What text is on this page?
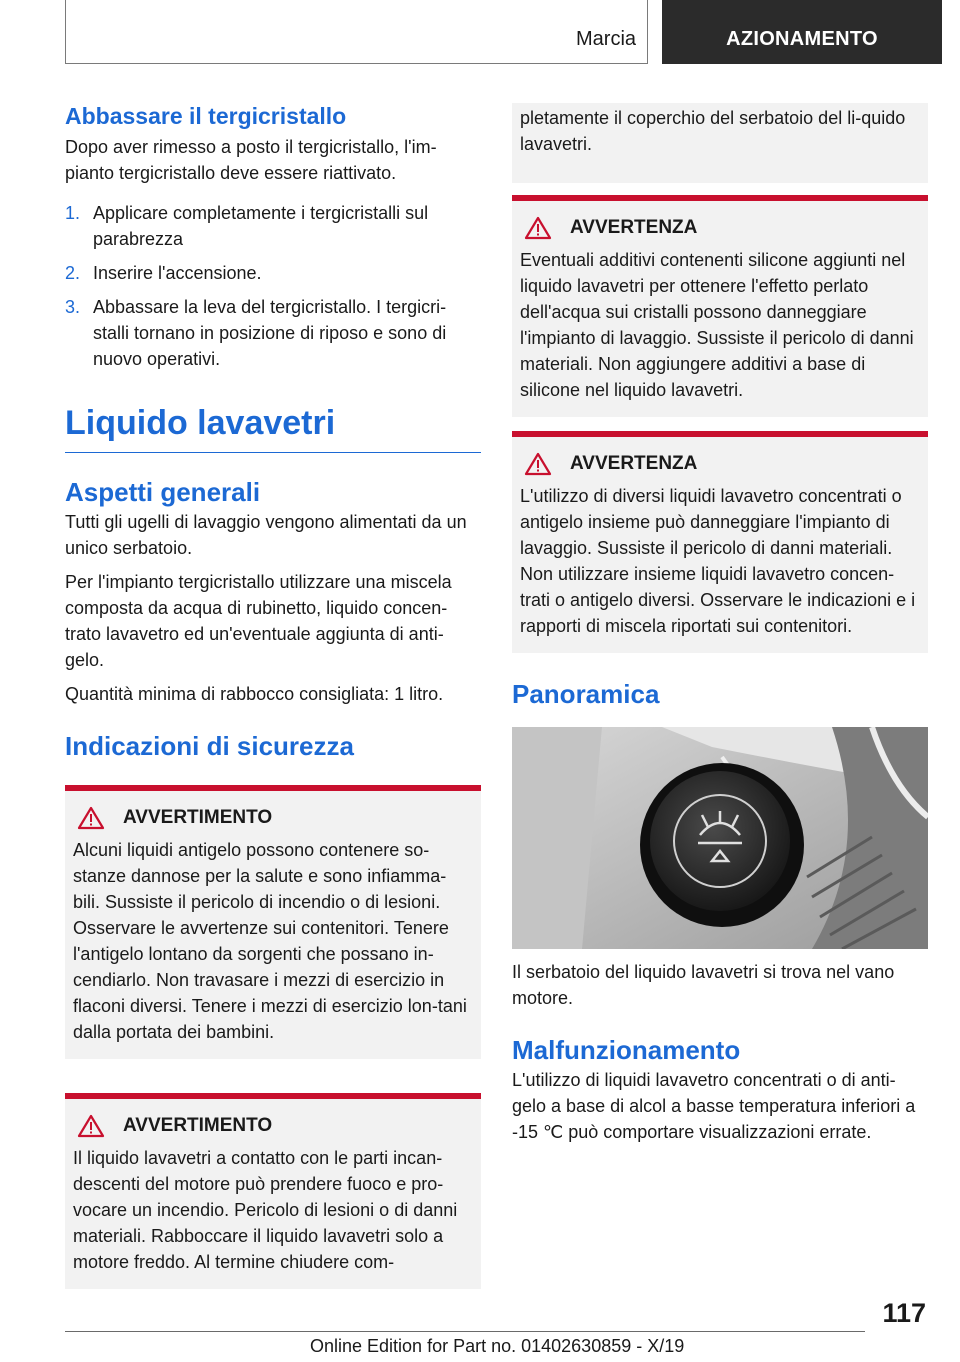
Marcia	AZIONAMENTO
Abbassare il tergicristallo

Dopo aver rimesso a posto il tergicristallo, l'im-pianto tergicristallo deve essere riattivato.

1. Applicare completamente i tergicristalli sul parabrezza
2. Inserire l'accensione.
3. Abbassare la leva del tergicristallo. I tergicri-stalli tornano in posizione di riposo e sono di nuovo operativi.
Liquido lavavetri
Aspetti generali

Tutti gli ugelli di lavaggio vengono alimentati da un unico serbatoio.

Per l'impianto tergicristallo utilizzare una miscela composta da acqua di rubinetto, liquido concen-trato lavavetro ed un'eventuale aggiunta di anti-gelo.

Quantità minima di rabbocco consigliata: 1 litro.

Indicazioni di sicurezza
AVVERTIMENTO

Alcuni liquidi antigelo possono contenere so-stanze dannose per la salute e sono infiamma-bili. Sussiste il pericolo di incendio o di lesioni. Osservare le avvertenze sui contenitori. Tenere l'antigelo lontano da sorgenti che possano in-cendiarlo. Non travasare i mezzi di esercizio in flaconi diversi. Tenere i mezzi di esercizio lon-tani dalla portata dei bambini.

AVVERTIMENTO

Il liquido lavavetri a contatto con le parti incan-descenti del motore può prendere fuoco e pro-vocare un incendio. Pericolo di lesioni o di danni materiali. Rabboccare il liquido lavavetri solo a motore freddo. Al termine chiudere com-

pletamente il coperchio del serbatoio del li-quido lavavetri.

AVVERTENZA

Eventuali additivi contenenti silicone aggiunti nel liquido lavavetri per ottenere l'effetto perlato dell'acqua sui cristalli possono danneggiare l'impianto di lavaggio. Sussiste il pericolo di danni materiali. Non aggiungere additivi a base di silicone nel liquido lavavetri.

AVVERTENZA

L'utilizzo di diversi liquidi lavavetro concentrati o antigelo insieme può danneggiare l'impianto di lavaggio. Sussiste il pericolo di danni materiali. Non utilizzare insieme liquidi lavavetro concen-trati o antigelo diversi. Osservare le indicazioni e i rapporti di miscela riportati sui contenitori.

Panoramica

Il serbatoio del liquido lavavetri si trova nel vano motore.

Malfunzionamento

L'utilizzo di liquidi lavavetro concentrati o di anti-gelo a base di alcol a basse temperatura inferiori a -15 ℃ può comportare visualizzazioni errate.

117
Online Edition for Part no. 01402630859 - X/19
